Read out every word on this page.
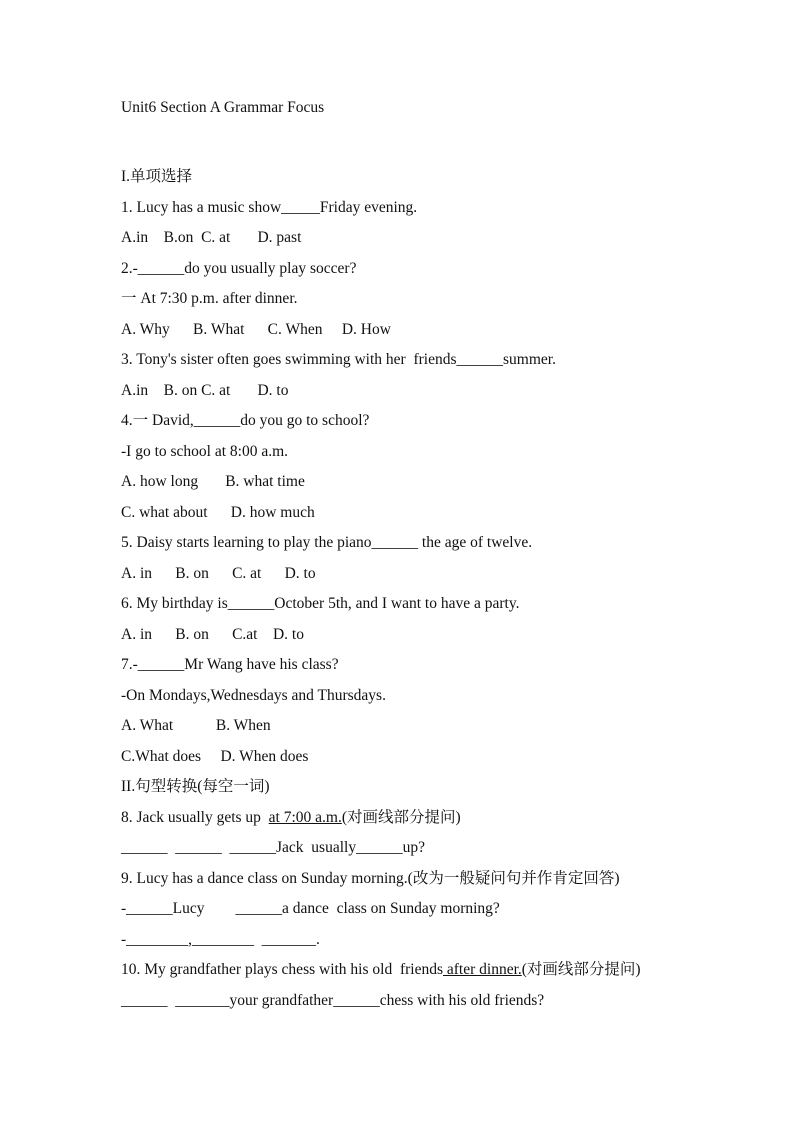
Unit6 Section A Grammar Focus
I.单项选择
1. Lucy has a music show_____Friday evening.
A.in    B.on  C. at       D. past
2.-______do you usually play soccer?
一 At 7:30 p.m. after dinner.
A. Why      B. What      C. When     D. How
3. Tony's sister often goes swimming with her  friends______summer.
A.in    B. on C. at       D. to
4.一 David,______do you go to school?
-I go to school at 8:00 a.m.
A. how long       B. what time
C. what about      D. how much
5. Daisy starts learning to play the piano______ the age of twelve.
A. in      B. on      C. at      D. to
6. My birthday is______October 5th, and I want to have a party.
A. in      B. on      C.at    D. to
7.-______Mr Wang have his class?
-On Mondays,Wednesdays and Thursdays.
A. What           B. When
C.What does     D. When does
II.句型转换(每空一词)
8. Jack usually gets up  at 7:00 a.m.(对画线部分提问)
______  ______  ______Jack  usually______up?
9. Lucy has a dance class on Sunday morning.(改为一般疑问句并作肯定回答)
-______Lucy        ______a dance  class on Sunday morning?
-________,________  _______.
10. My grandfather plays chess with his old  friends after dinner.(对画线部分提问)
______  _______your grandfather______chess with his old friends?
